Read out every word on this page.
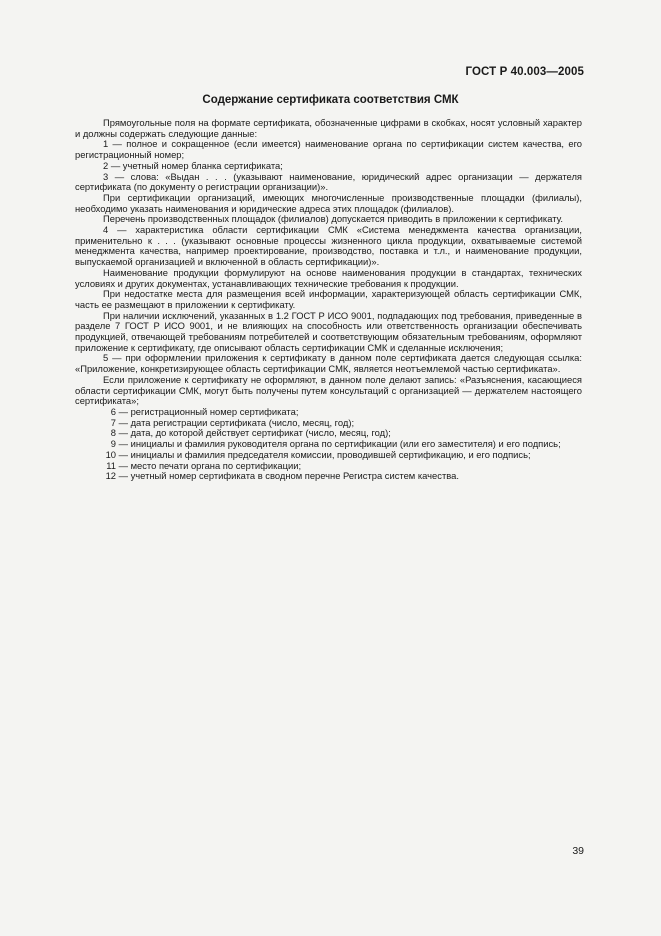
ГОСТ Р 40.003—2005
Содержание сертификата соответствия СМК

Прямоугольные поля на формате сертификата, обозначенные цифрами в скобках, носят условный характер и должны содержать следующие данные:

1 — полное и сокращенное (если имеется) наименование органа по сертификации систем качества, его регистрационный номер;

2 — учетный номер бланка сертификата;

3 — слова: «Выдан . . . (указывают наименование, юридический адрес организации — держателя сертификата (по документу о регистрации организации)».

При сертификации организаций, имеющих многочисленные производственные площадки (филиалы), необходимо указать наименования и юридические адреса этих площадок (филиалов).

Перечень производственных площадок (филиалов) допускается приводить в приложении к сертификату.

4 — характеристика области сертификации СМК «Система менеджмента качества организации, применительно к . . . (указывают основные процессы жизненного цикла продукции, охватываемые системой менеджмента качества, например проектирование, производство, поставка и т.л., и наименование продукции, выпускаемой организацией и включенной в область сертификации)».

Наименование продукции формулируют на основе наименования продукции в стандартах, технических условиях и других документах, устанавливающих технические требования к продукции.

При недостатке места для размещения всей информации, характеризующей область сертификации СМК, часть ее размещают в приложении к сертификату.

При наличии исключений, указанных в 1.2 ГОСТ Р ИСО 9001, подпадающих под требования, приведенные в разделе 7 ГОСТ Р ИСО 9001, и не влияющих на способность или ответственность организации обеспечивать продукцией, отвечающей требованиям потребителей и соответствующим обязательным требованиям, оформляют приложение к сертификату, где описывают область сертификации СМК и сделанные исключения;

5 — при оформлении приложения к сертификату в данном поле сертификата дается следующая ссылка: «Приложение, конкретизирующее область сертификации СМК, является неотъемлемой частью сертификата».

Если приложение к сертификату не оформляют, в данном поле делают запись: «Разъяснения, касающиеся области сертификации СМК, могут быть получены путем консультаций с организацией — держателем настоящего сертификата»;

6 — регистрационный номер сертификата;

7 — дата регистрации сертификата (число, месяц, год);

8 — дата, до которой действует сертификат (число, месяц, год);

9 — инициалы и фамилия руководителя органа по сертификации (или его заместителя) и его подпись;

10 — инициалы и фамилия председателя комиссии, проводившей сертификацию, и его подпись;

11 — место печати органа по сертификации;

12 — учетный номер сертификата в сводном перечне Регистра систем качества.

39
